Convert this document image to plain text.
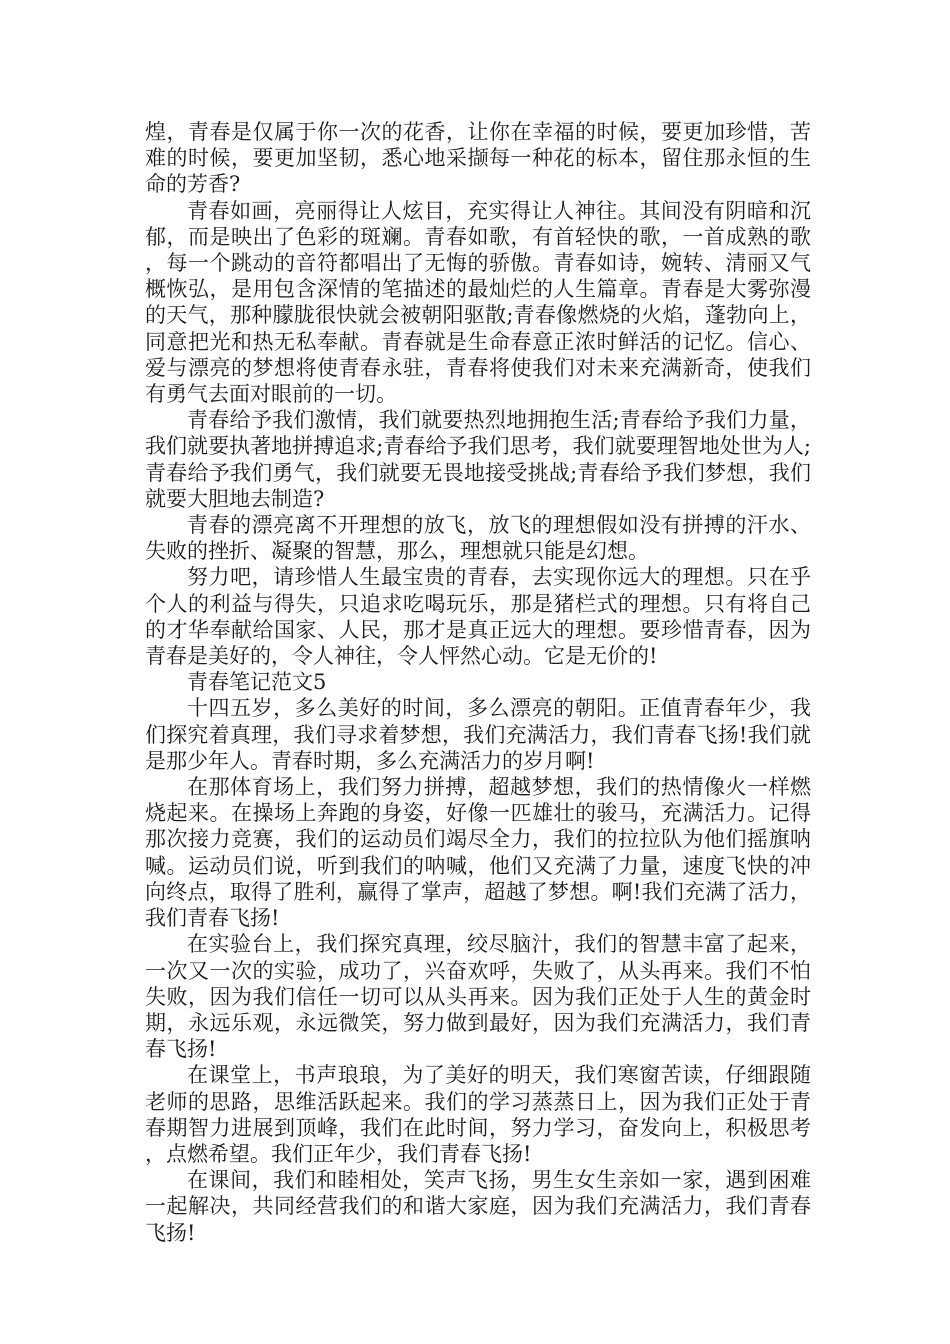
煌，青春是仅属于你一次的花香，让你在幸福的时候，要更加珍惜，苦难的时候，要更加坚韧，悉心地采撷每一种花的标本，留住那永恒的生命的芳香?

青春如画，亮丽得让人炫目，充实得让人神往。其间没有阴暗和沉郁，而是映出了色彩的斑斓。青春如歌，有首轻快的歌，一首成熟的歌，每一个跳动的音符都唱出了无悔的骄傲。青春如诗，婉转、清丽又气概恢弘，是用包含深情的笔描述的最灿烂的人生篇章。青春是大雾弥漫的天气，那种朦胧很快就会被朝阳驱散;青春像燃烧的火焰，蓬勃向上，同意把光和热无私奉献。青春就是生命春意正浓时鲜活的记忆。信心、爱与漂亮的梦想将使青春永驻，青春将使我们对未来充满新奇，使我们有勇气去面对眼前的一切。

青春给予我们激情，我们就要热烈地拥抱生活;青春给予我们力量，我们就要执著地拼搏追求;青春给予我们思考，我们就要理智地处世为人;青春给予我们勇气，我们就要无畏地接受挑战;青春给予我们梦想，我们就要大胆地去制造?

青春的漂亮离不开理想的放飞，放飞的理想假如没有拼搏的汗水、失败的挫折、凝聚的智慧，那么，理想就只能是幻想。

努力吧，请珍惜人生最宝贵的青春，去实现你远大的理想。只在乎个人的利益与得失，只追求吃喝玩乐，那是猪栏式的理想。只有将自己的才华奉献给国家、人民，那才是真正远大的理想。要珍惜青春，因为青春是美好的，令人神往，令人怦然心动。它是无价的!

青春笔记范文5

十四五岁，多么美好的时间，多么漂亮的朝阳。正值青春年少，我们探究着真理，我们寻求着梦想，我们充满活力，我们青春飞扬!我们就是那少年人。青春时期，多么充满活力的岁月啊!

在那体育场上，我们努力拼搏，超越梦想，我们的热情像火一样燃烧起来。在操场上奔跑的身姿，好像一匹雄壮的骏马，充满活力。记得那次接力竞赛，我们的运动员们竭尽全力，我们的拉拉队为他们摇旗呐喊。运动员们说，听到我们的呐喊，他们又充满了力量，速度飞快的冲向终点，取得了胜利，赢得了掌声，超越了梦想。啊!我们充满了活力，我们青春飞扬!

在实验台上，我们探究真理，绞尽脑汁，我们的智慧丰富了起来，一次又一次的实验，成功了，兴奋欢呼，失败了，从头再来。我们不怕失败，因为我们信任一切可以从头再来。因为我们正处于人生的黄金时期，永远乐观，永远微笑，努力做到最好，因为我们充满活力，我们青春飞扬!

在课堂上，书声琅琅，为了美好的明天，我们寒窗苦读，仔细跟随老师的思路，思维活跃起来。我们的学习蒸蒸日上，因为我们正处于青春期智力进展到顶峰，我们在此时间，努力学习，奋发向上，积极思考，点燃希望。我们正年少，我们青春飞扬!

在课间，我们和睦相处，笑声飞扬，男生女生亲如一家，遇到困难一起解决，共同经营我们的和谐大家庭，因为我们充满活力，我们青春飞扬!
